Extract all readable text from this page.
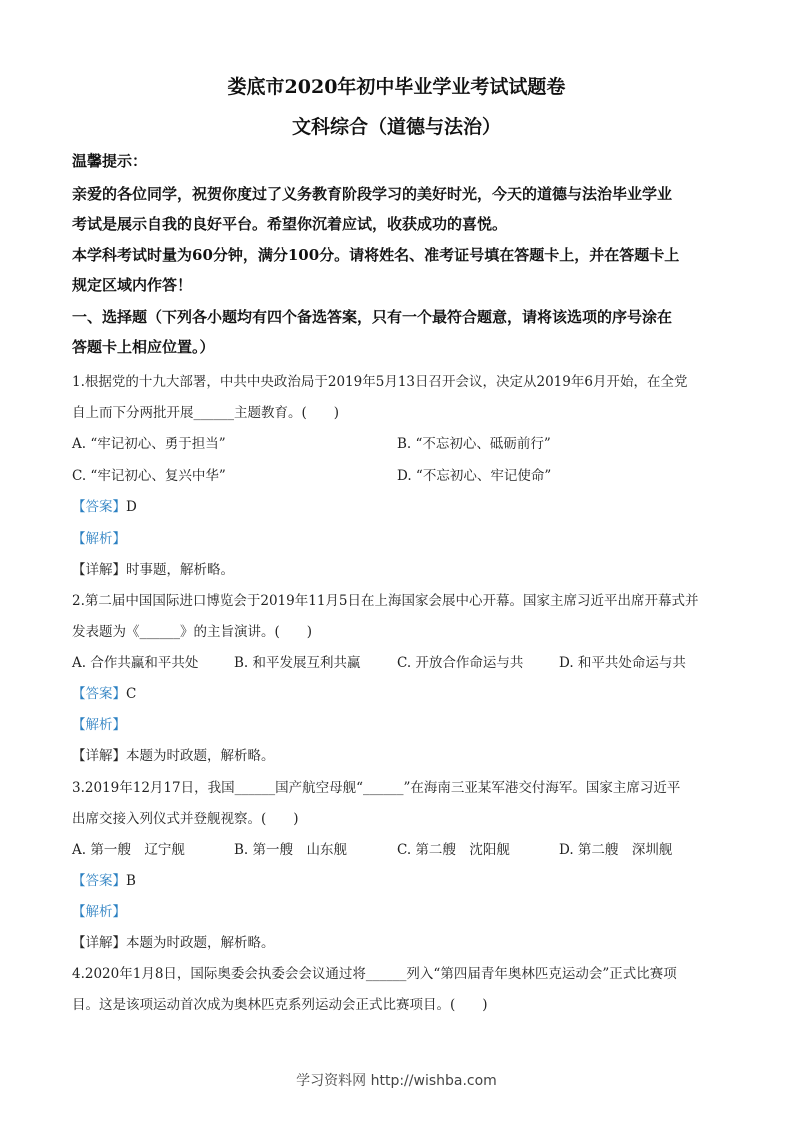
娄底市2020年初中毕业学业考试试题卷
文科综合（道德与法治）
温馨提示：
亲爱的各位同学，祝贺你度过了义务教育阶段学习的美好时光，今天的道德与法治毕业学业
考试是展示自我的良好平台。希望你沉着应试，收获成功的喜悦。
本学科考试时量为60分钟，满分100分。请将姓名、准考证号填在答题卡上，并在答题卡上
规定区域内作答！
一、选择题（下列各小题均有四个备选答案，只有一个最符合题意，请将该选项的序号涂在
答题卡上相应位置。）
1.根据党的十九大部署，中共中央政治局于2019年5月13日召开会议，决定从2019年6月开始，在全党
自上而下分两批开展______主题教育。(　　)
A. “牢记初心、勇于担当”	B. “不忘初心、砥砺前行”
C. “牢记初心、复兴中华”	D. “不忘初心、牢记使命”
【答案】D
【解析】
【详解】时事题，解析略。
2.第二届中国国际进口博览会于2019年11月5日在上海国家会展中心开幕。国家主席习近平出席开幕式并
发表题为《______》的主旨演讲。(　　)
A. 合作共赢和平共处	B. 和平发展互利共赢	C. 开放合作命运与共	D. 和平共处命运与共
【答案】C
【解析】
【详解】本题为时政题，解析略。
3.2019年12月17日，我国______国产航空母舰“______”在海南三亚某军港交付海军。国家主席习近平
出席交接入列仪式并登舰视察。(　　)
A. 第一艘　辽宁舰	B. 第一艘　山东舰	C. 第二艘　沈阳舰	D. 第二艘　深圳舰
【答案】B
【解析】
【详解】本题为时政题，解析略。
4.2020年1月8日，国际奥委会执委会会议通过将______列入“第四届青年奥林匹克运动会”正式比赛项
目。这是该项运动首次成为奥林匹克系列运动会正式比赛项目。(　　)
学习资料网 http://wishba.com
